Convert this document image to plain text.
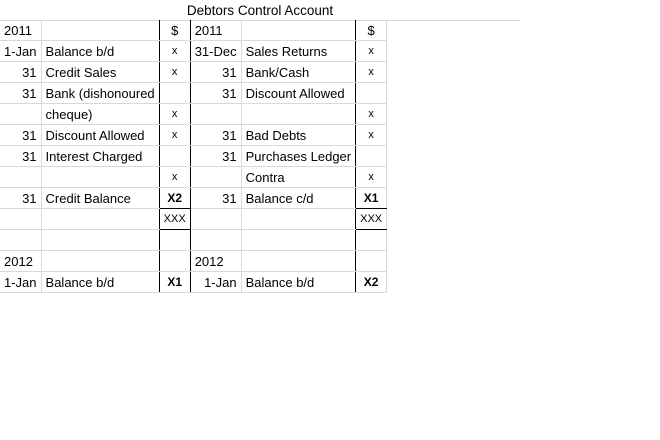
Debtors Control Account
2011		$	2011		$
1-Jan	Balance b/d	x	31-Dec	Sales Returns	x
31	Credit Sales	x	31	Bank/Cash	x
31	Bank (dishonoured		31	Discount Allowed	
	cheque)	x			x
31	Discount Allowed	x	31	Bad Debts	x
31	Interest Charged		31	Purchases Ledger	
		x		Contra	x
31	Credit Balance	X2	31	Balance c/d	X1
		XXX			XXX

2012			2012		
1-Jan	Balance b/d	X1	1-Jan	Balance b/d	X2
